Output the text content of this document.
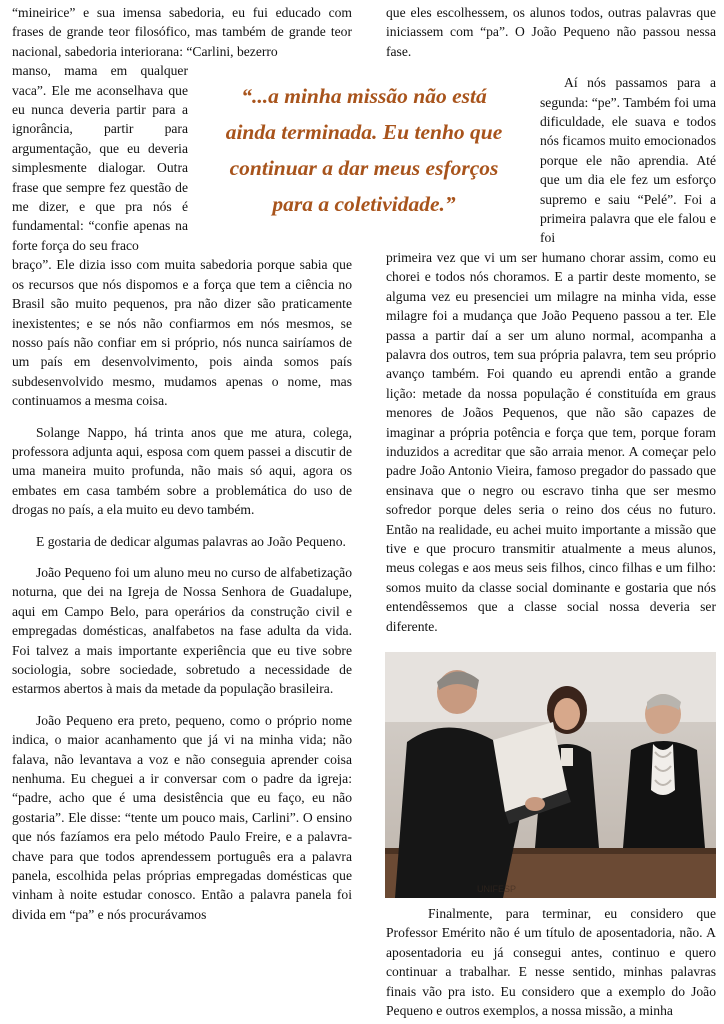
“mineirice” e sua imensa sabedoria, eu fui educado com frases de grande teor filosófico, mas também de grande teor nacional, sabedoria interiorana: “Carlini, bezerro

manso, mama em qualquer vaca”. Ele me aconselhava que eu nunca deveria partir para a ignorância, partir para argumentação, que eu deveria simplesmente dialogar. Outra frase que sempre fez questão de me dizer, e que pra nós é fundamental: “confie apenas na forte força do seu fraco

braço”. Ele dizia isso com muita sabedoria porque sabia que os recursos que nós dispomos e a força que tem a ciência no Brasil são muito pequenos, pra não dizer são praticamente inexistentes; e se nós não confiarmos em nós mesmos, se nosso país não confiar em si próprio, nós nunca sairíamos de um país em desenvolvimento, pois ainda somos país subdesenvolvido mesmo, mudamos apenas o nome, mas continuamos a mesma coisa.

Solange Nappo, há trinta anos que me atura, colega, professora adjunta aqui, esposa com quem passei a discutir de uma maneira muito profunda, não mais só aqui, agora os embates em casa também sobre a problemática do uso de drogas no país, a ela muito eu devo também.

E gostaria de dedicar algumas palavras ao João Pequeno.

João Pequeno foi um aluno meu no curso de alfabetização noturna, que dei na Igreja de Nossa Senhora de Guadalupe, aqui em Campo Belo, para operários da construção civil e empregadas domésticas, analfabetos na fase adulta da vida. Foi talvez a mais importante experiência que eu tive sobre sociologia, sobre sociedade, sobretudo a necessidade de estarmos abertos à mais da metade da população brasileira.

João Pequeno era preto, pequeno, como o próprio nome indica, o maior acanhamento que já vi na minha vida; não falava, não levantava a voz e não conseguia aprender coisa nenhuma. Eu cheguei a ir conversar com o padre da igreja: “padre, acho que é uma desistência que eu faço, eu não gostaria”. Ele disse: “tente um pouco mais, Carlini”. O ensino que nós fazíamos era pelo método Paulo Freire, e a palavra-chave para que todos aprendessem português era a palavra panela, escolhida pelas próprias empregadas domésticas que vinham à noite estudar conosco. Então a palavra panela foi divida em “pa” e nós procurávamos

“...a minha missão não está
ainda terminada. Eu tenho que
continuar a dar meus esforços
para a coletividade.”

que eles escolhessem, os alunos todos, outras palavras que iniciassem com “pa”. O João Pequeno não passou nessa fase.

Aí nós passamos para a segunda: “pe”. Também foi uma dificuldade, ele suava e todos nós ficamos muito emocionados porque ele não aprendia. Até que um dia ele fez um esforço supremo e saiu “Pelé”. Foi a primeira palavra que ele falou e foi

primeira vez que vi um ser humano chorar assim, como eu chorei e todos nós choramos. E a partir deste momento, se alguma vez eu presenciei um milagre na minha vida, esse milagre foi a mudança que João Pequeno passou a ter. Ele passa a partir daí a ser um aluno normal, acompanha a palavra dos outros, tem sua própria palavra, tem seu próprio avanço também. Foi quando eu aprendi então a grande lição: metade da nossa população é constituída em graus menores de Joãos Pequenos, que não são capazes de imaginar a própria potência e força que tem, porque foram induzidos a acreditar que são arraia menor. A começar pelo padre João Antonio Vieira, famoso pregador do passado que ensinava que o negro ou escravo tinha que ser mesmo sofredor porque deles seria o reino dos céus no futuro. Então na realidade, eu achei muito importante a missão que tive e que procuro transmitir atualmente a meus alunos, meus colegas e aos meus seis filhos, cinco filhas e um filho: somos muito da classe social dominante e gostaria que nós entendêssemos que a classe social nossa deveria ser diferente.

UNIFESP

Finalmente, para terminar, eu considero que Professor Emérito não é um título de aposentadoria, não. A aposentadoria eu já consegui antes, continuo e quero continuar a trabalhar. E nesse sentido, minhas palavras finais vão pra isto. Eu considero que a exemplo do João Pequeno e outros exemplos, a nossa missão, a minha
